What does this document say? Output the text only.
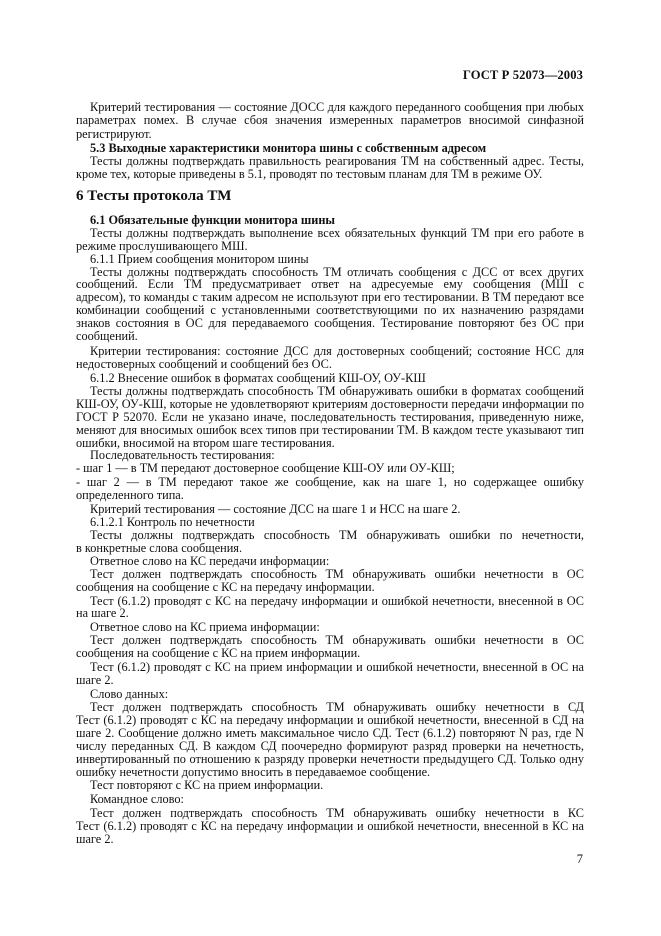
ГОСТ Р 52073—2003
7
Критерий тестирования — состояние ДОСС для каждого переданного сообщения при любых
параметрах помех. В случае сбоя значения измеренных параметров вносимой синфазной
регистрируют.
5.3 Выходные характеристики монитора шины с собственным адресом
Тесты должны подтверждать правильность реагирования ТМ на собственный адрес. Тесты,
кроме тех, которые приведены в 5.1, проводят по тестовым планам для ТМ в режиме ОУ.
6 Тесты протокола ТМ
6.1 Обязательные функции монитора шины
Тесты должны подтверждать выполнение всех обязательных функций ТМ при его работе в
режиме прослушивающего МШ.
6.1.1 Прием сообщения монитором шины
Тесты должны подтверждать способность ТМ отличать сообщения с ДСС от всех других
сообщений. Если ТМ предусматривает ответ на адресуемые ему сообщения (МШ с
адресом), то команды с таким адресом не используют при его тестировании. В ТМ передают все
комбинации сообщений с установленными соответствующими по их назначению разрядами
знаков состояния в ОС для передаваемого сообщения. Тестирование повторяют без ОС при
сообщений.
Критерии тестирования: состояние ДСС для достоверных сообщений; состояние НСС для
недостоверных сообщений и сообщений без ОС.
6.1.2 Внесение ошибок в форматах сообщений КШ-ОУ, ОУ-КШ
Тесты должны подтверждать способность ТМ обнаруживать ошибки в форматах сообщений
КШ-ОУ, ОУ-КШ, которые не удовлетворяют критериям достоверности передачи информации по
ГОСТ Р 52070. Если не указано иначе, последовательность тестирования, приведенную ниже,
меняют для вносимых ошибок всех типов при тестировании ТМ. В каждом тесте указывают тип
ошибки, вносимой на втором шаге тестирования.
Последовательность тестирования:
- шаг 1 — в ТМ передают достоверное сообщение КШ-ОУ или ОУ-КШ;
- шаг 2 — в ТМ передают такое же сообщение, как на шаге 1, но содержащее ошибку
определенного типа.
Критерий тестирования — состояние ДСС на шаге 1 и НСС на шаге 2.
6.1.2.1 Контроль по нечетности
Тесты должны подтверждать способность ТМ обнаруживать ошибки по нечетности,
в конкретные слова сообщения.
Ответное слово на КС передачи информации:
Тест должен подтверждать способность ТМ обнаруживать ошибки нечетности в ОС
сообщения на сообщение с КС на передачу информации.
Тест (6.1.2) проводят с КС на передачу информации и ошибкой нечетности, внесенной в ОС
на шаге 2.
Ответное слово на КС приема информации:
Тест должен подтверждать способность ТМ обнаруживать ошибки нечетности в ОС
сообщения на сообщение с КС на прием информации.
Тест (6.1.2) проводят с КС на прием информации и ошибкой нечетности, внесенной в ОС на
шаге 2.
Слово данных:
Тест должен подтверждать способность ТМ обнаруживать ошибку нечетности в СД
Тест (6.1.2) проводят с КС на передачу информации и ошибкой нечетности, внесенной в СД на
шаге 2. Сообщение должно иметь максимальное число СД. Тест (6.1.2) повторяют N раз, где N
числу переданных СД. В каждом СД поочередно формируют разряд проверки на нечетность,
инвертированный по отношению к разряду проверки нечетности предыдущего СД. Только одну
ошибку нечетности допустимо вносить в передаваемое сообщение.
Тест повторяют с КС на прием информации.
Командное слово:
Тест должен подтверждать способность ТМ обнаруживать ошибку нечетности в КС
Тест (6.1.2) проводят с КС на передачу информации и ошибкой нечетности, внесенной в КС на
шаге 2.
